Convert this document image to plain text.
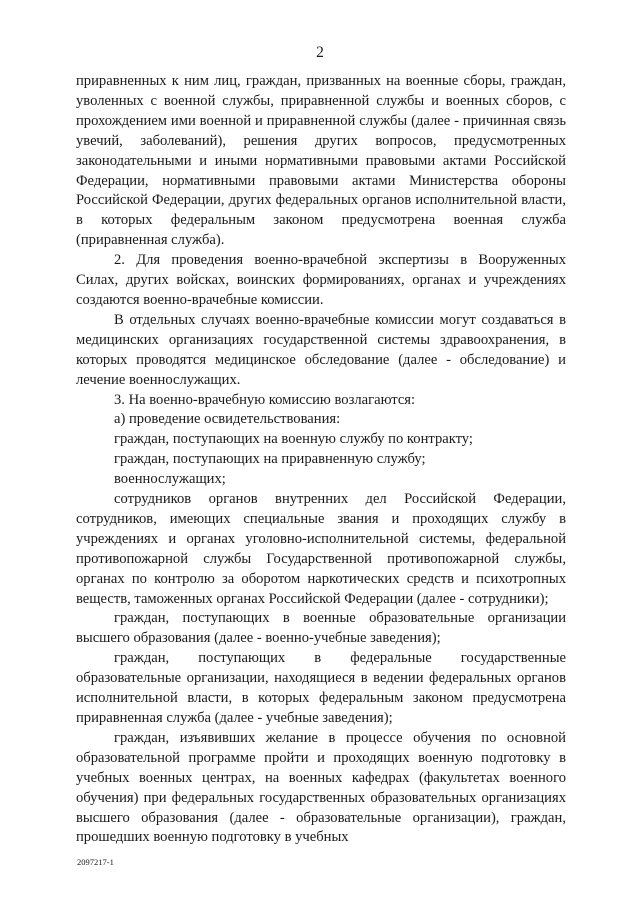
2

приравненных к ним лиц, граждан, призванных на военные сборы, граждан, уволенных с военной службы, приравненной службы и военных сборов, с прохождением ими военной и приравненной службы (далее - причинная связь увечий, заболеваний), решения других вопросов, предусмотренных законодательными и иными нормативными правовыми актами Российской Федерации, нормативными правовыми актами Министерства обороны Российской Федерации, других федеральных органов исполнительной власти, в которых федеральным законом предусмотрена военная служба (приравненная служба).

2. Для проведения военно-врачебной экспертизы в Вооруженных Силах, других войсках, воинских формированиях, органах и учреждениях создаются военно-врачебные комиссии.

В отдельных случаях военно-врачебные комиссии могут создаваться в медицинских организациях государственной системы здравоохранения, в которых проводятся медицинское обследование (далее - обследование) и лечение военнослужащих.

3. На военно-врачебную комиссию возлагаются:

а) проведение освидетельствования:

граждан, поступающих на военную службу по контракту;

граждан, поступающих на приравненную службу;

военнослужащих;

сотрудников органов внутренних дел Российской Федерации, сотрудников, имеющих специальные звания и проходящих службу в учреждениях и органах уголовно-исполнительной системы, федеральной противопожарной службы Государственной противопожарной службы, органах по контролю за оборотом наркотических средств и психотропных веществ, таможенных органах Российской Федерации (далее - сотрудники);

граждан, поступающих в военные образовательные организации высшего образования (далее - военно-учебные заведения);

граждан, поступающих в федеральные государственные образовательные организации, находящиеся в ведении федеральных органов исполнительной власти, в которых федеральным законом предусмотрена приравненная служба (далее - учебные заведения);

граждан, изъявивших желание в процессе обучения по основной образовательной программе пройти и проходящих военную подготовку в учебных военных центрах, на военных кафедрах (факультетах военного обучения) при федеральных государственных образовательных организациях высшего образования (далее - образовательные организации), граждан, прошедших военную подготовку в учебных

2097217-1
